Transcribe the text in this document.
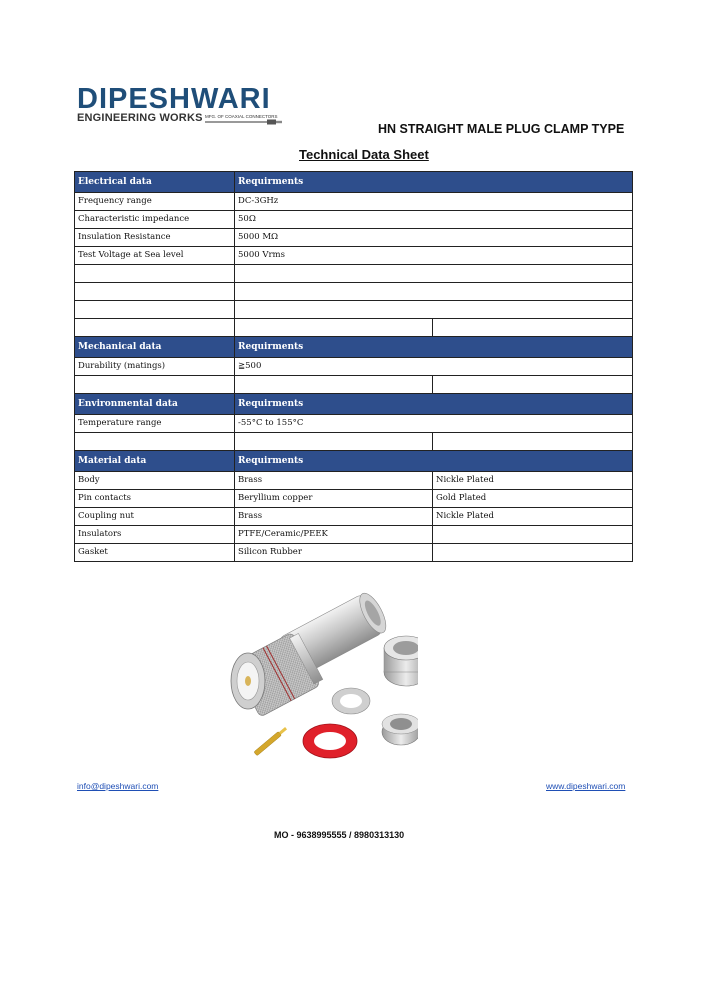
DIPESHWARI
ENGINEERING WORKS MFG. OF COAXIAL CONNECTORS
HN STRAIGHT MALE PLUG CLAMP TYPE
Technical Data Sheet
Electrical data	Requirments	
Frequency range	DC-3GHz	
Characteristic impedance	50Ω	
Insulation Resistance	5000 MΩ	
Test Voltage at Sea level	5000 Vrms	

Mechanical data	Requirments	
Durability (matings)	≧500	

Environmental data	Requirments	
Temperature range	-55°C to 155°C	

Material data	Requirments	
Body	Brass	Nickle Plated
Pin contacts	Beryllium copper	Gold Plated
Coupling nut	Brass	Nickle Plated
Insulators	PTFE/Ceramic/PEEK	
Gasket	Silicon Rubber	
info@dipeshwari.com	www.dipeshwari.com
MO - 9638995555 / 8980313130
